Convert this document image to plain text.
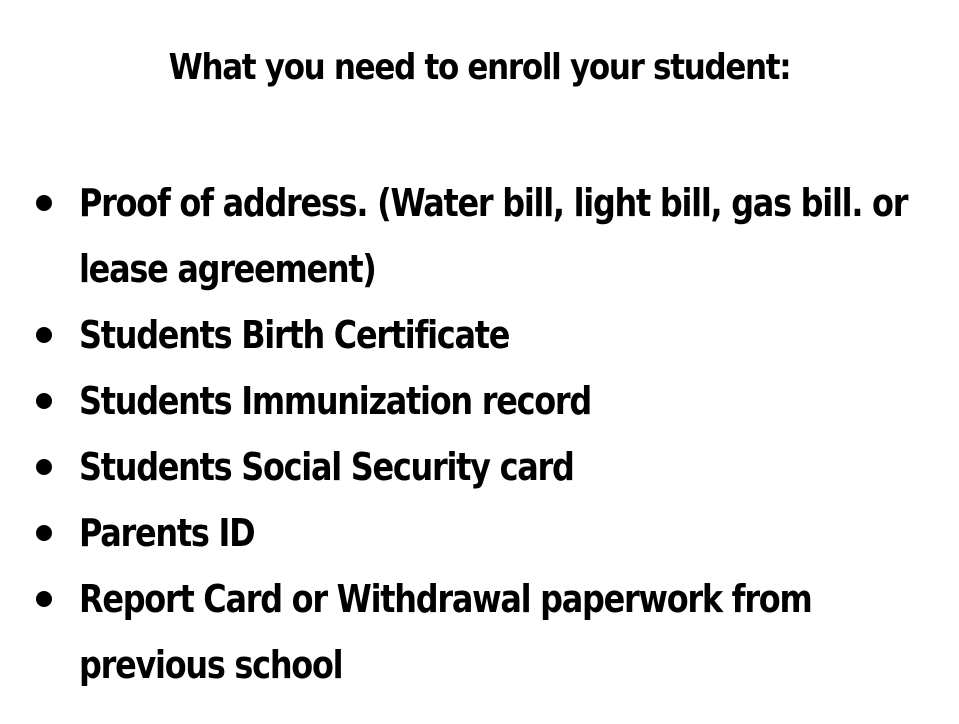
What you need to enroll your student:
Proof of address. (Water bill, light bill, gas bill. or lease agreement)
Students Birth Certificate
Students Immunization record
Students Social Security card
Parents ID
Report Card or Withdrawal paperwork from previous school
